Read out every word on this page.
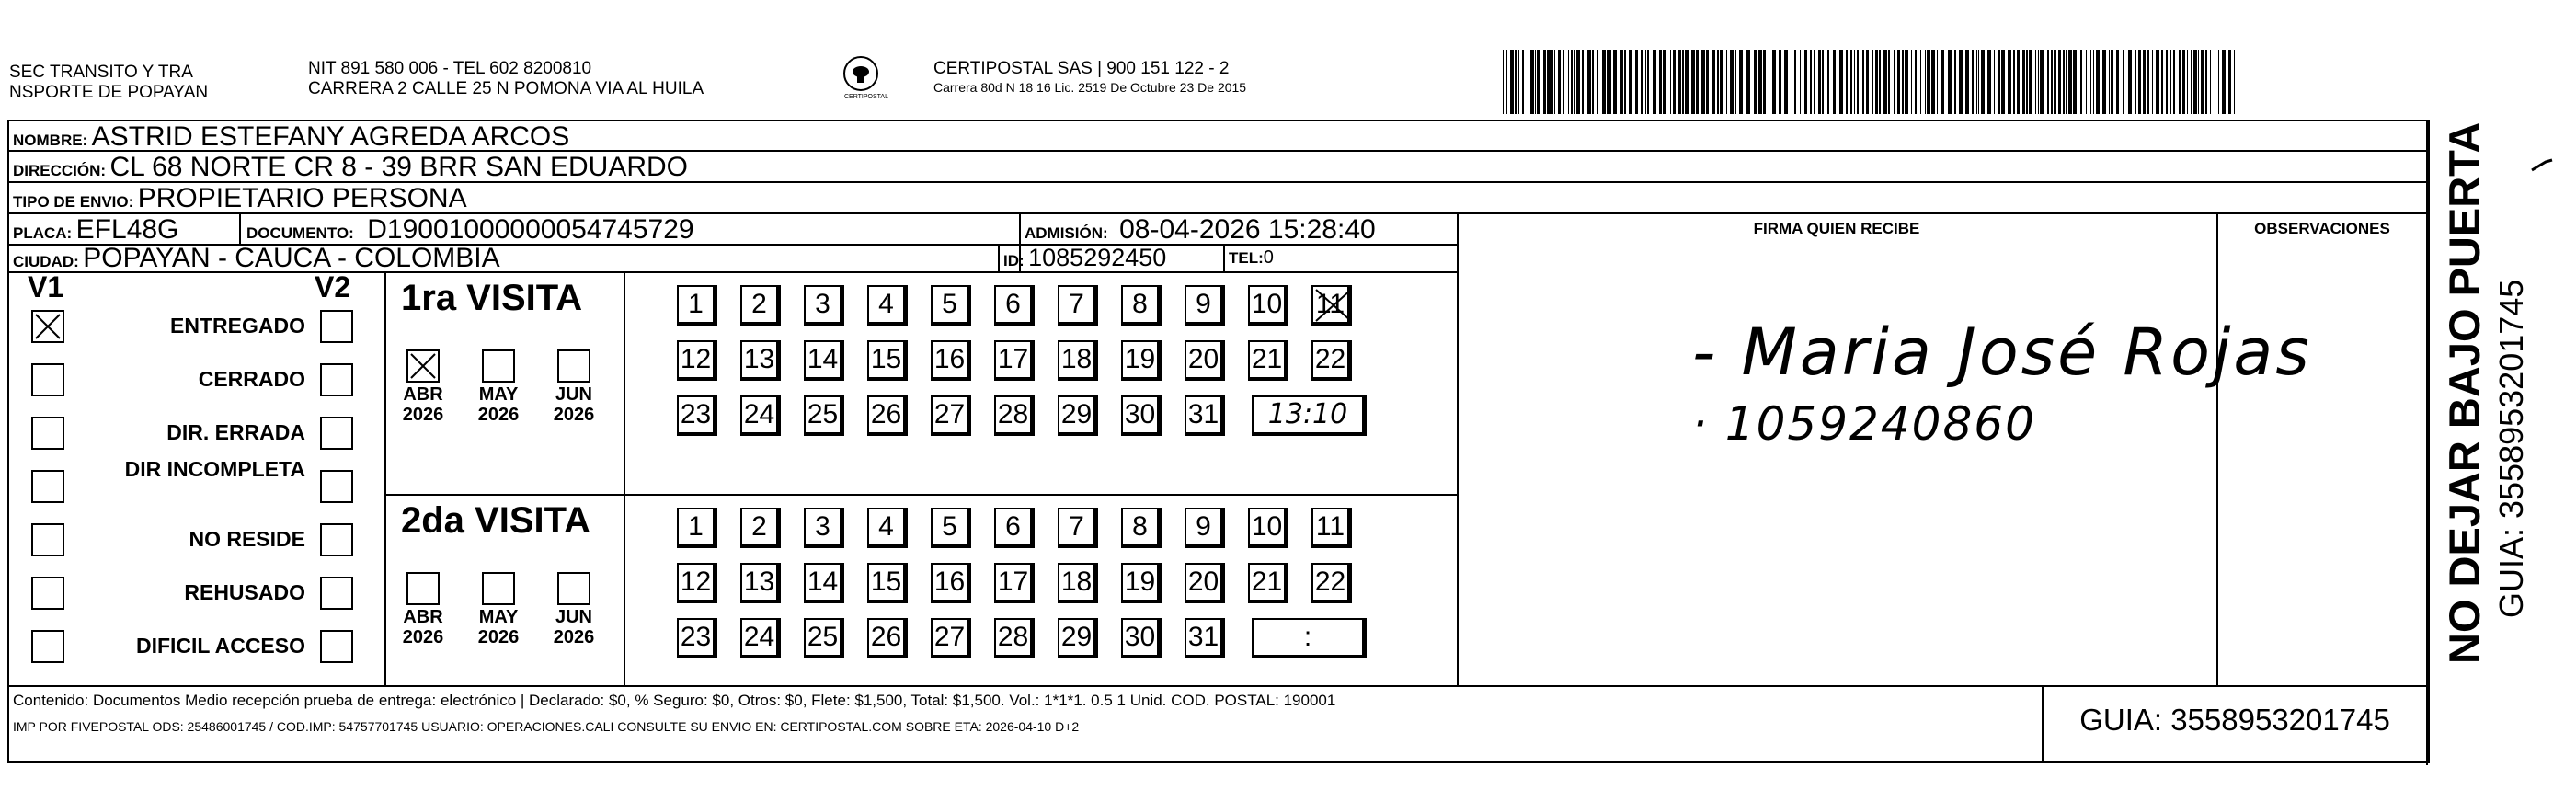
SEC TRANSITO Y TRA
NSPORTE DE POPAYAN
NIT 891 580 006 - TEL 602 8200810
CARRERA 2 CALLE 25 N POMONA VIA AL HUILA	CERTIPOSTAL
CERTIPOSTAL SAS | 900 151 122 - 2
Carrera 80d N 18 16 Lic. 2519 De Octubre 23 De 2015
NOMBRE: ASTRID ESTEFANY AGREDA ARCOS
DIRECCIÓN: CL 68 NORTE CR 8 - 39 BRR SAN EDUARDO
TIPO DE ENVIO: PROPIETARIO PERSONA
PLACA: EFL48G	DOCUMENTO: D19001000000054745729	ADMISIÓN: 08-04-2026 15:28:40
CIUDAD: POPAYAN - CAUCA - COLOMBIA	ID: 1085292450	TEL:0
FIRMA QUIEN RECIBE	OBSERVACIONES
V1	V2
ENTREGADO
CERRADO
DIR. ERRADA
DIR INCOMPLETA
NO RESIDE
REHUSADO
DIFICIL ACCESO
1ra VISITA
ABR
2026
MAY
2026
JUN
2026
1	2	3	4	5	6	7	8	9	10 11
12 13 14 15 16 17 18 19 20 21 22
23 24 25 26 27 28 29 30 31	13:10
2da VISITA
ABR
2026
MAY
2026
JUN
2026
1	2	3	4	5	6	7	8	9	10 11
12 13 14 15 16 17 18 19 20 21 22
23 24 25 26 27 28 29 30 31	:
- Maria José Rojas
· 1059240860
Contenido: Documentos Medio recepción prueba de entrega: electrónico | Declarado: $0, % Seguro: $0, Otros: $0, Flete: $1,500, Total: $1,500. Vol.: 1*1*1. 0.5 1 Unid. COD. POSTAL: 190001
IMP POR FIVEPOSTAL ODS: 25486001745 / COD.IMP: 54757701745 USUARIO: OPERACIONES.CALI CONSULTE SU ENVIO EN: CERTIPOSTAL.COM SOBRE ETA: 2026-04-10 D+2	GUIA: 3558953201745
NO DEJAR BAJO PUERTA GUIA: 3558953201745
